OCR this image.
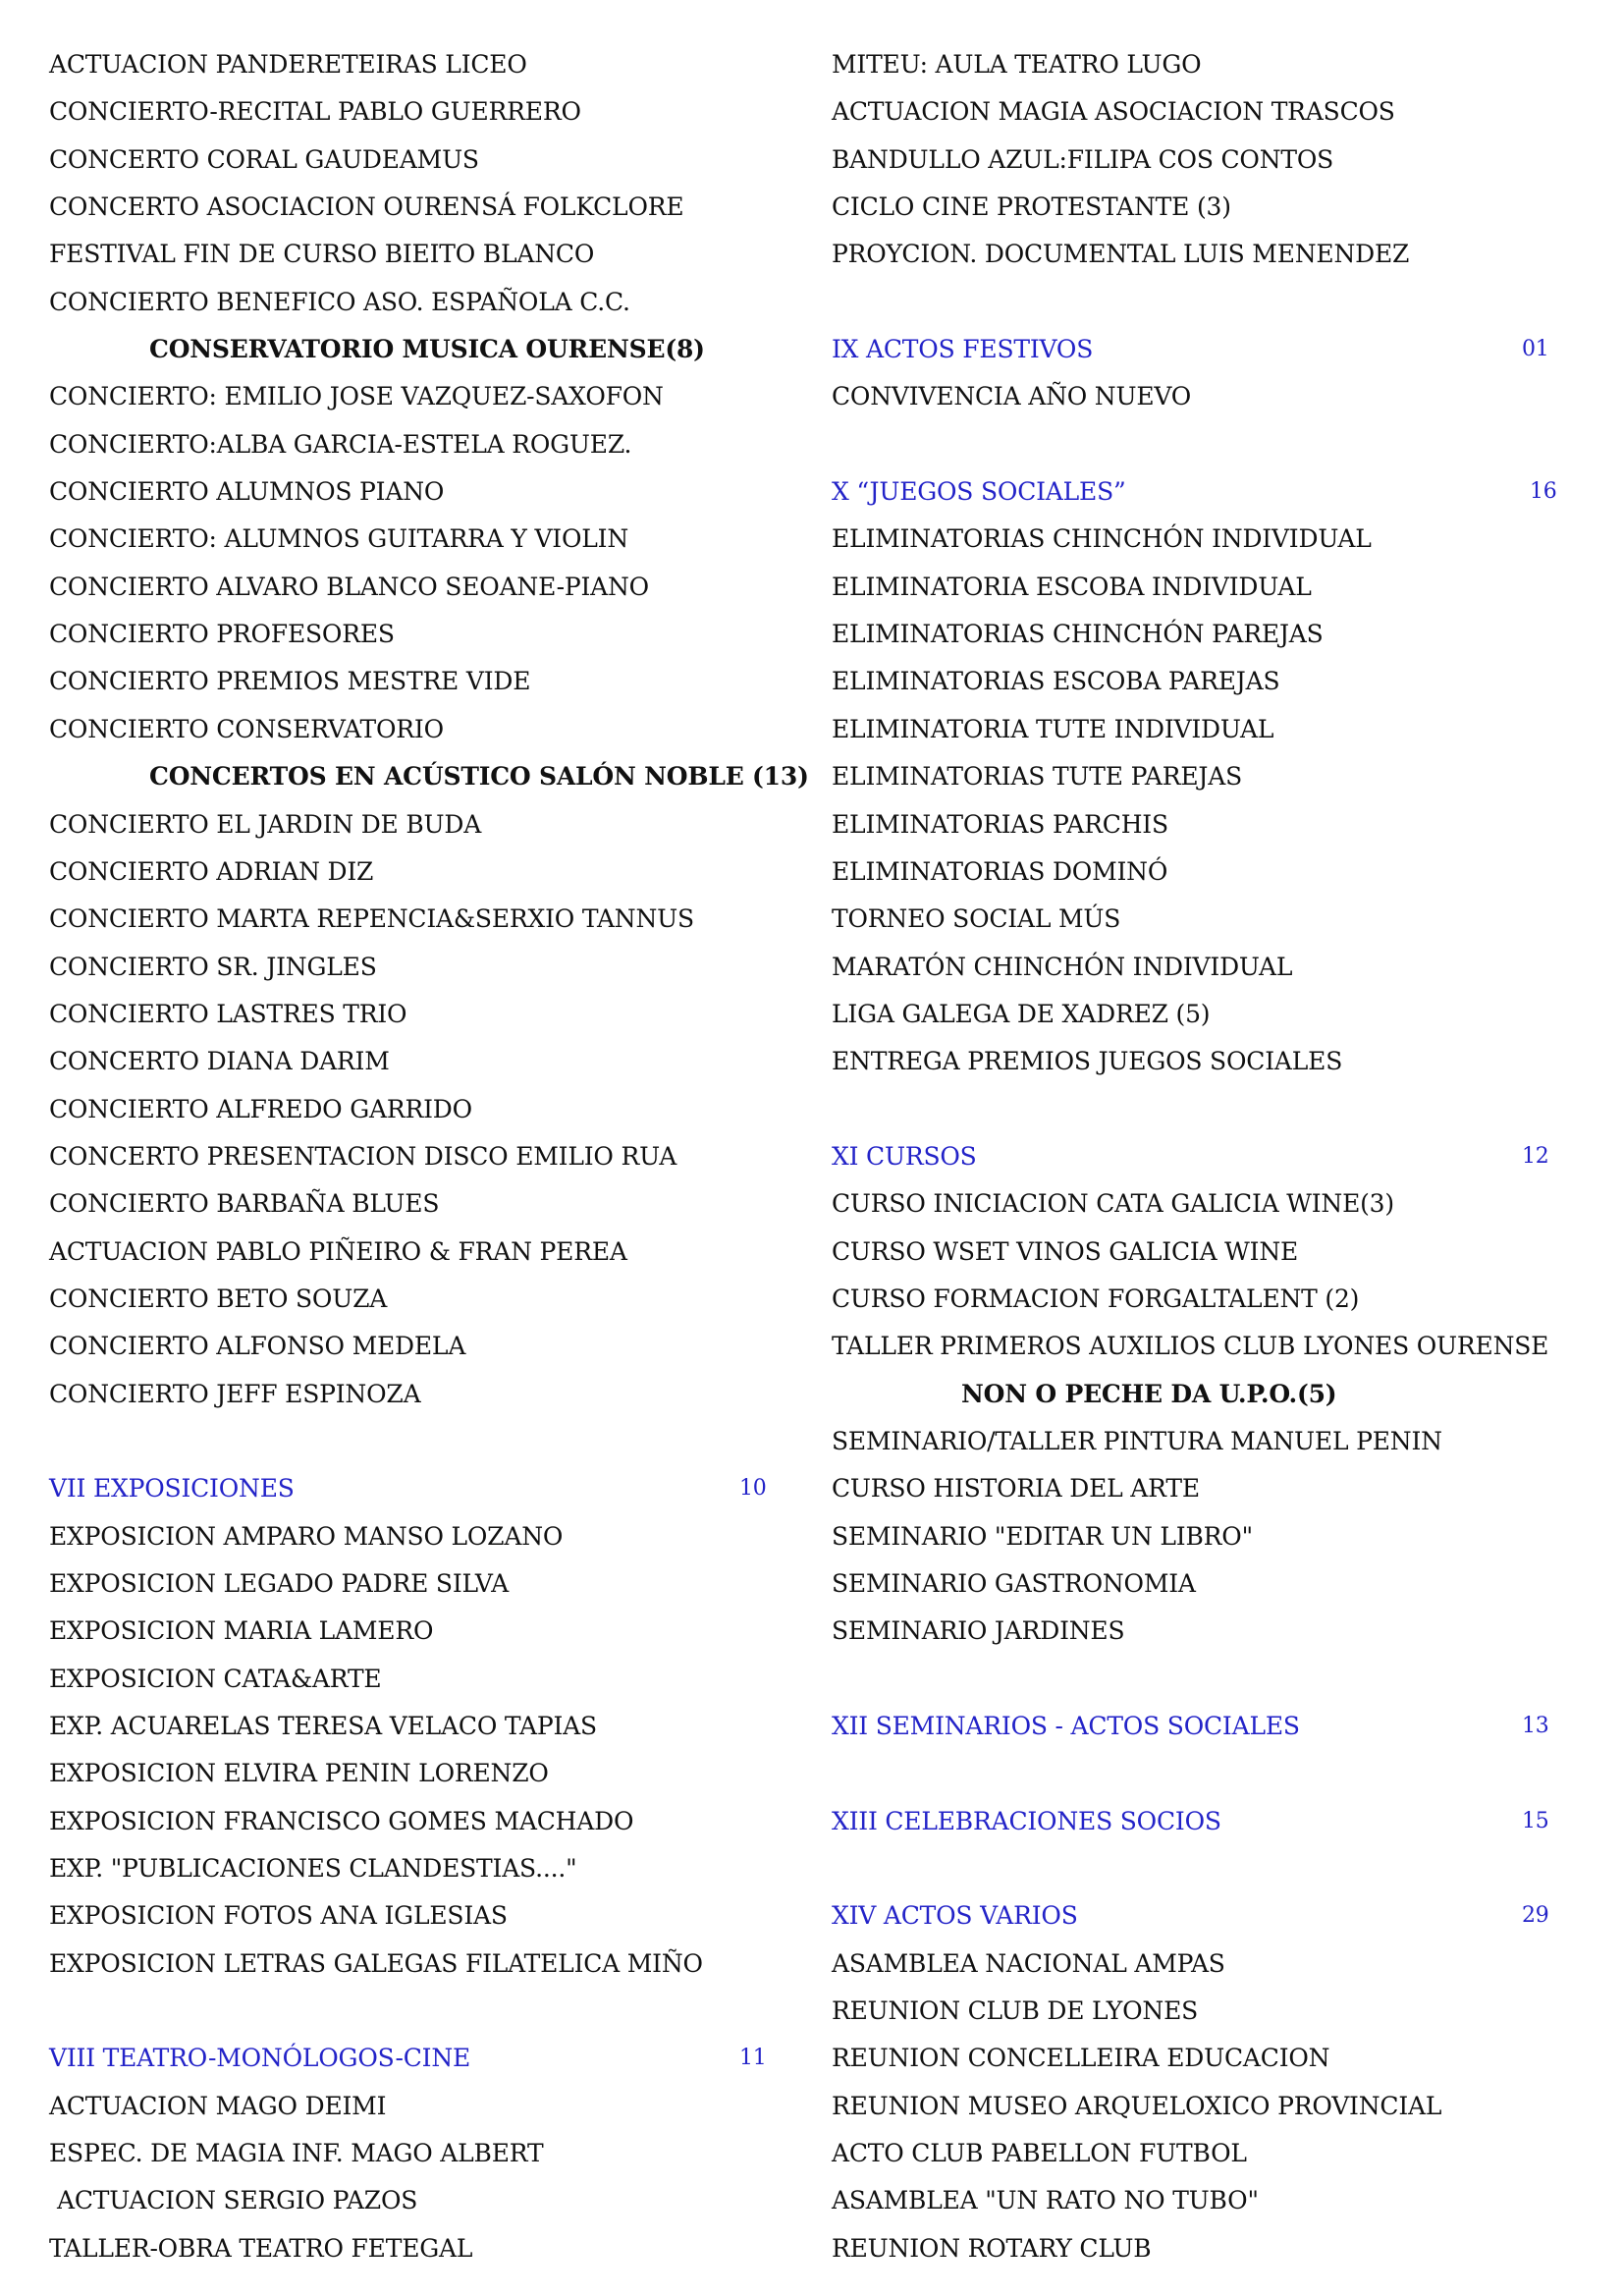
ACTUACION PANDERETEIRAS LICEO
CONCIERTO-RECITAL PABLO GUERRERO
CONCERTO CORAL GAUDEAMUS
CONCERTO ASOCIACION OURENSÁ FOLKCLORE
FESTIVAL FIN DE CURSO BIEITO BLANCO
CONCIERTO BENEFICO ASO. ESPAÑOLA C.C.
CONSERVATORIO MUSICA OURENSE(8)
CONCIERTO: EMILIO JOSE VAZQUEZ-SAXOFON
CONCIERTO:ALBA GARCIA-ESTELA ROGUEZ.
CONCIERTO ALUMNOS PIANO
CONCIERTO: ALUMNOS GUITARRA Y VIOLIN
CONCIERTO ALVARO BLANCO SEOANE-PIANO
CONCIERTO PROFESORES
CONCIERTO PREMIOS MESTRE VIDE
CONCIERTO CONSERVATORIO
CONCERTOS EN ACÚSTICO SALÓN NOBLE (13)
CONCIERTO EL JARDIN DE BUDA
CONCIERTO ADRIAN DIZ
CONCIERTO MARTA REPENCIA&SERXIO TANNUS
CONCIERTO SR. JINGLES
CONCIERTO LASTRES TRIO
CONCERTO DIANA DARIM
CONCIERTO ALFREDO GARRIDO
CONCERTO PRESENTACION DISCO EMILIO RUA
CONCIERTO BARBAÑA BLUES
ACTUACION PABLO PIÑEIRO & FRAN PEREA
CONCIERTO BETO SOUZA
CONCIERTO ALFONSO MEDELA
CONCIERTO JEFF ESPINOZA
VII EXPOSICIONES	10
EXPOSICION AMPARO MANSO LOZANO
EXPOSICION LEGADO PADRE SILVA
EXPOSICION MARIA LAMERO
EXPOSICION CATA&ARTE
EXP. ACUARELAS TERESA VELACO TAPIAS
EXPOSICION ELVIRA PENIN LORENZO
EXPOSICION FRANCISCO GOMES MACHADO
EXP. "PUBLICACIONES CLANDESTIAS...."
EXPOSICION FOTOS ANA IGLESIAS
EXPOSICION LETRAS GALEGAS FILATELICA MIÑO
VIII TEATRO-MONÓLOGOS-CINE	11
ACTUACION MAGO DEIMI
ESPEC. DE MAGIA INF. MAGO ALBERT
ACTUACION SERGIO PAZOS
TALLER-OBRA TEATRO FETEGAL
MITEU: AULA TEATRO LUGO
ACTUACION MAGIA ASOCIACION TRASCOS
BANDULLO AZUL:FILIPA COS CONTOS
CICLO CINE PROTESTANTE (3)
PROYCION. DOCUMENTAL LUIS MENENDEZ
IX ACTOS FESTIVOS	01
CONVIVENCIA AÑO NUEVO
X “JUEGOS SOCIALES”	16
ELIMINATORIAS CHINCHÓN INDIVIDUAL
ELIMINATORIA ESCOBA INDIVIDUAL
ELIMINATORIAS CHINCHÓN PAREJAS
ELIMINATORIAS ESCOBA PAREJAS
ELIMINATORIA TUTE INDIVIDUAL
ELIMINATORIAS TUTE PAREJAS
ELIMINATORIAS PARCHIS
ELIMINATORIAS DOMINÓ
TORNEO SOCIAL MÚS
MARATÓN CHINCHÓN INDIVIDUAL
LIGA GALEGA DE XADREZ (5)
ENTREGA PREMIOS JUEGOS SOCIALES
XI CURSOS	12
CURSO INICIACION CATA GALICIA WINE(3)
CURSO WSET VINOS GALICIA WINE
CURSO FORMACION FORGALTALENT (2)
TALLER PRIMEROS AUXILIOS CLUB LYONES OURENSE
NON O PECHE DA U.P.O.(5)
SEMINARIO/TALLER PINTURA MANUEL PENIN
CURSO HISTORIA DEL ARTE
SEMINARIO "EDITAR UN LIBRO"
SEMINARIO GASTRONOMIA
SEMINARIO JARDINES
XII SEMINARIOS - ACTOS SOCIALES	13
XIII CELEBRACIONES SOCIOS	15
XIV ACTOS VARIOS	29
ASAMBLEA NACIONAL AMPAS
REUNION CLUB DE LYONES
REUNION CONCELLEIRA EDUCACION
REUNION MUSEO ARQUELOXICO PROVINCIAL
ACTO CLUB PABELLON FUTBOL
ASAMBLEA "UN RATO NO TUBO"
REUNION ROTARY CLUB
